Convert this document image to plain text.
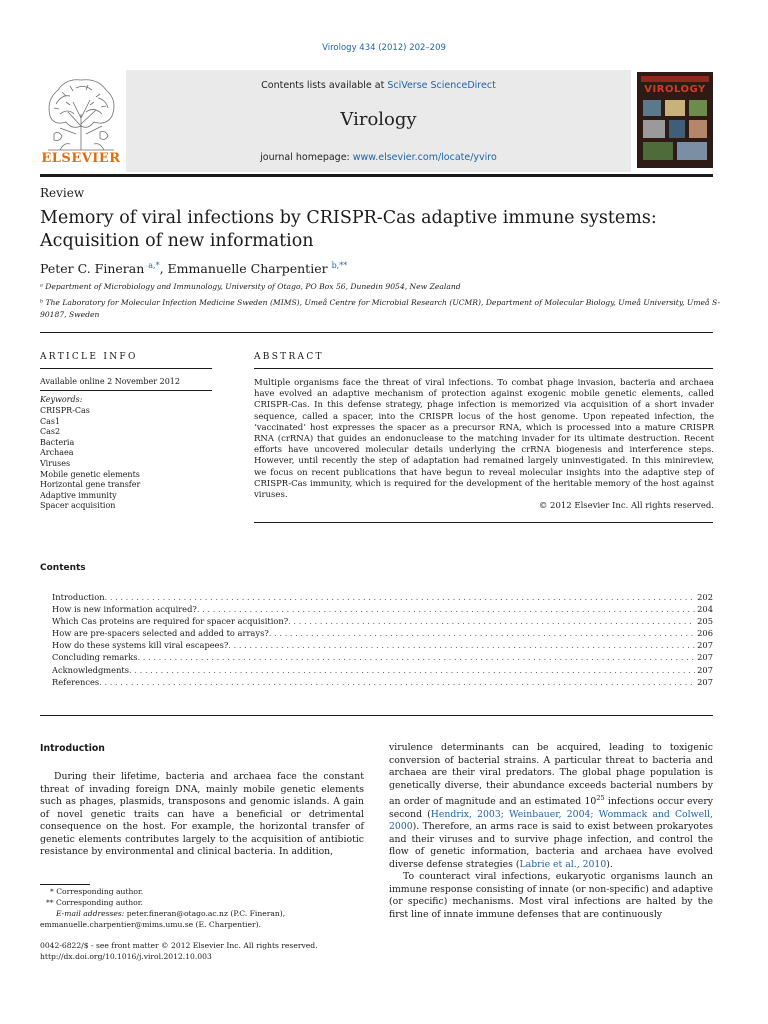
Virology 434 (2012) 202–209
ELSEVIER
Contents lists available at SciVerse ScienceDirect
Virology
journal homepage: www.elsevier.com/locate/yviro
VIROLOGY
Review
Memory of viral infections by CRISPR-Cas adaptive immune systems: Acquisition of new information
Peter C. Fineran $^{a,*}$, Emmanuelle Charpentier $^{b,**}$
ᵃ Department of Microbiology and Immunology, University of Otago, PO Box 56, Dunedin 9054, New Zealand
ᵇ The Laboratory for Molecular Infection Medicine Sweden (MIMS), Umeå Centre for Microbial Research (UCMR), Department of Molecular Biology, Umeå University, Umeå S-90187, Sweden
ARTICLE INFO
Available online 2 November 2012
Keywords:
CRISPR-Cas
Cas1
Cas2
Bacteria
Archaea
Viruses
Mobile genetic elements
Horizontal gene transfer
Adaptive immunity
Spacer acquisition
ABSTRACT
Multiple organisms face the threat of viral infections. To combat phage invasion, bacteria and archaea have evolved an adaptive mechanism of protection against exogenic mobile genetic elements, called CRISPR-Cas. In this defense strategy, phage infection is memorized via acquisition of a short invader sequence, called a spacer, into the CRISPR locus of the host genome. Upon repeated infection, the ‘vaccinated’ host expresses the spacer as a precursor RNA, which is processed into a mature CRISPR RNA (crRNA) that guides an endonuclease to the matching invader for its ultimate destruction. Recent efforts have uncovered molecular details underlying the crRNA biogenesis and interference steps. However, until recently the step of adaptation had remained largely uninvestigated. In this minireview, we focus on recent publications that have begun to reveal molecular insights into the adaptive step of CRISPR-Cas immunity, which is required for the development of the heritable memory of the host against viruses.
© 2012 Elsevier Inc. All rights reserved.
Contents
Introduction . . .	202
How is new information acquired? . . .	204
Which Cas proteins are required for spacer acquisition? . . .	205
How are pre-spacers selected and added to arrays? . . .	206
How do these systems kill viral escapees? . . .	207
Concluding remarks . . .	207
Acknowledgments . . .	207
References . . .	207
Introduction
During their lifetime, bacteria and archaea face the constant threat of invading foreign DNA, mainly mobile genetic elements such as phages, plasmids, transposons and genomic islands. A gain of novel genetic traits can have a beneficial or detrimental consequence on the host. For example, the horizontal transfer of genetic elements contributes largely to the acquisition of antibiotic resistance by environmental and clinical bacteria. In addition,
* Corresponding author.
** Corresponding author.
E-mail addresses: peter.fineran@otago.ac.nz (P.C. Fineran),
emmanuelle.charpentier@mims.umu.se (E. Charpentier).
0042-6822/$ - see front matter © 2012 Elsevier Inc. All rights reserved.
http://dx.doi.org/10.1016/j.virol.2012.10.003
virulence determinants can be acquired, leading to toxigenic conversion of bacterial strains. A particular threat to bacteria and archaea are their viral predators. The global phage population is genetically diverse, their abundance exceeds bacterial numbers by an order of magnitude and an estimated $10^{25}$ infections occur every second (Hendrix, 2003; Weinbauer, 2004; Wommack and Colwell, 2000). Therefore, an arms race is said to exist between prokaryotes and their viruses and to survive phage infection, and control the flow of genetic information, bacteria and archaea have evolved diverse defense strategies (Labrie et al., 2010).
To counteract viral infections, eukaryotic organisms launch an immune response consisting of innate (or non-specific) and adaptive (or specific) mechanisms. Most viral infections are halted by the first line of innate immune defenses that are continuously
